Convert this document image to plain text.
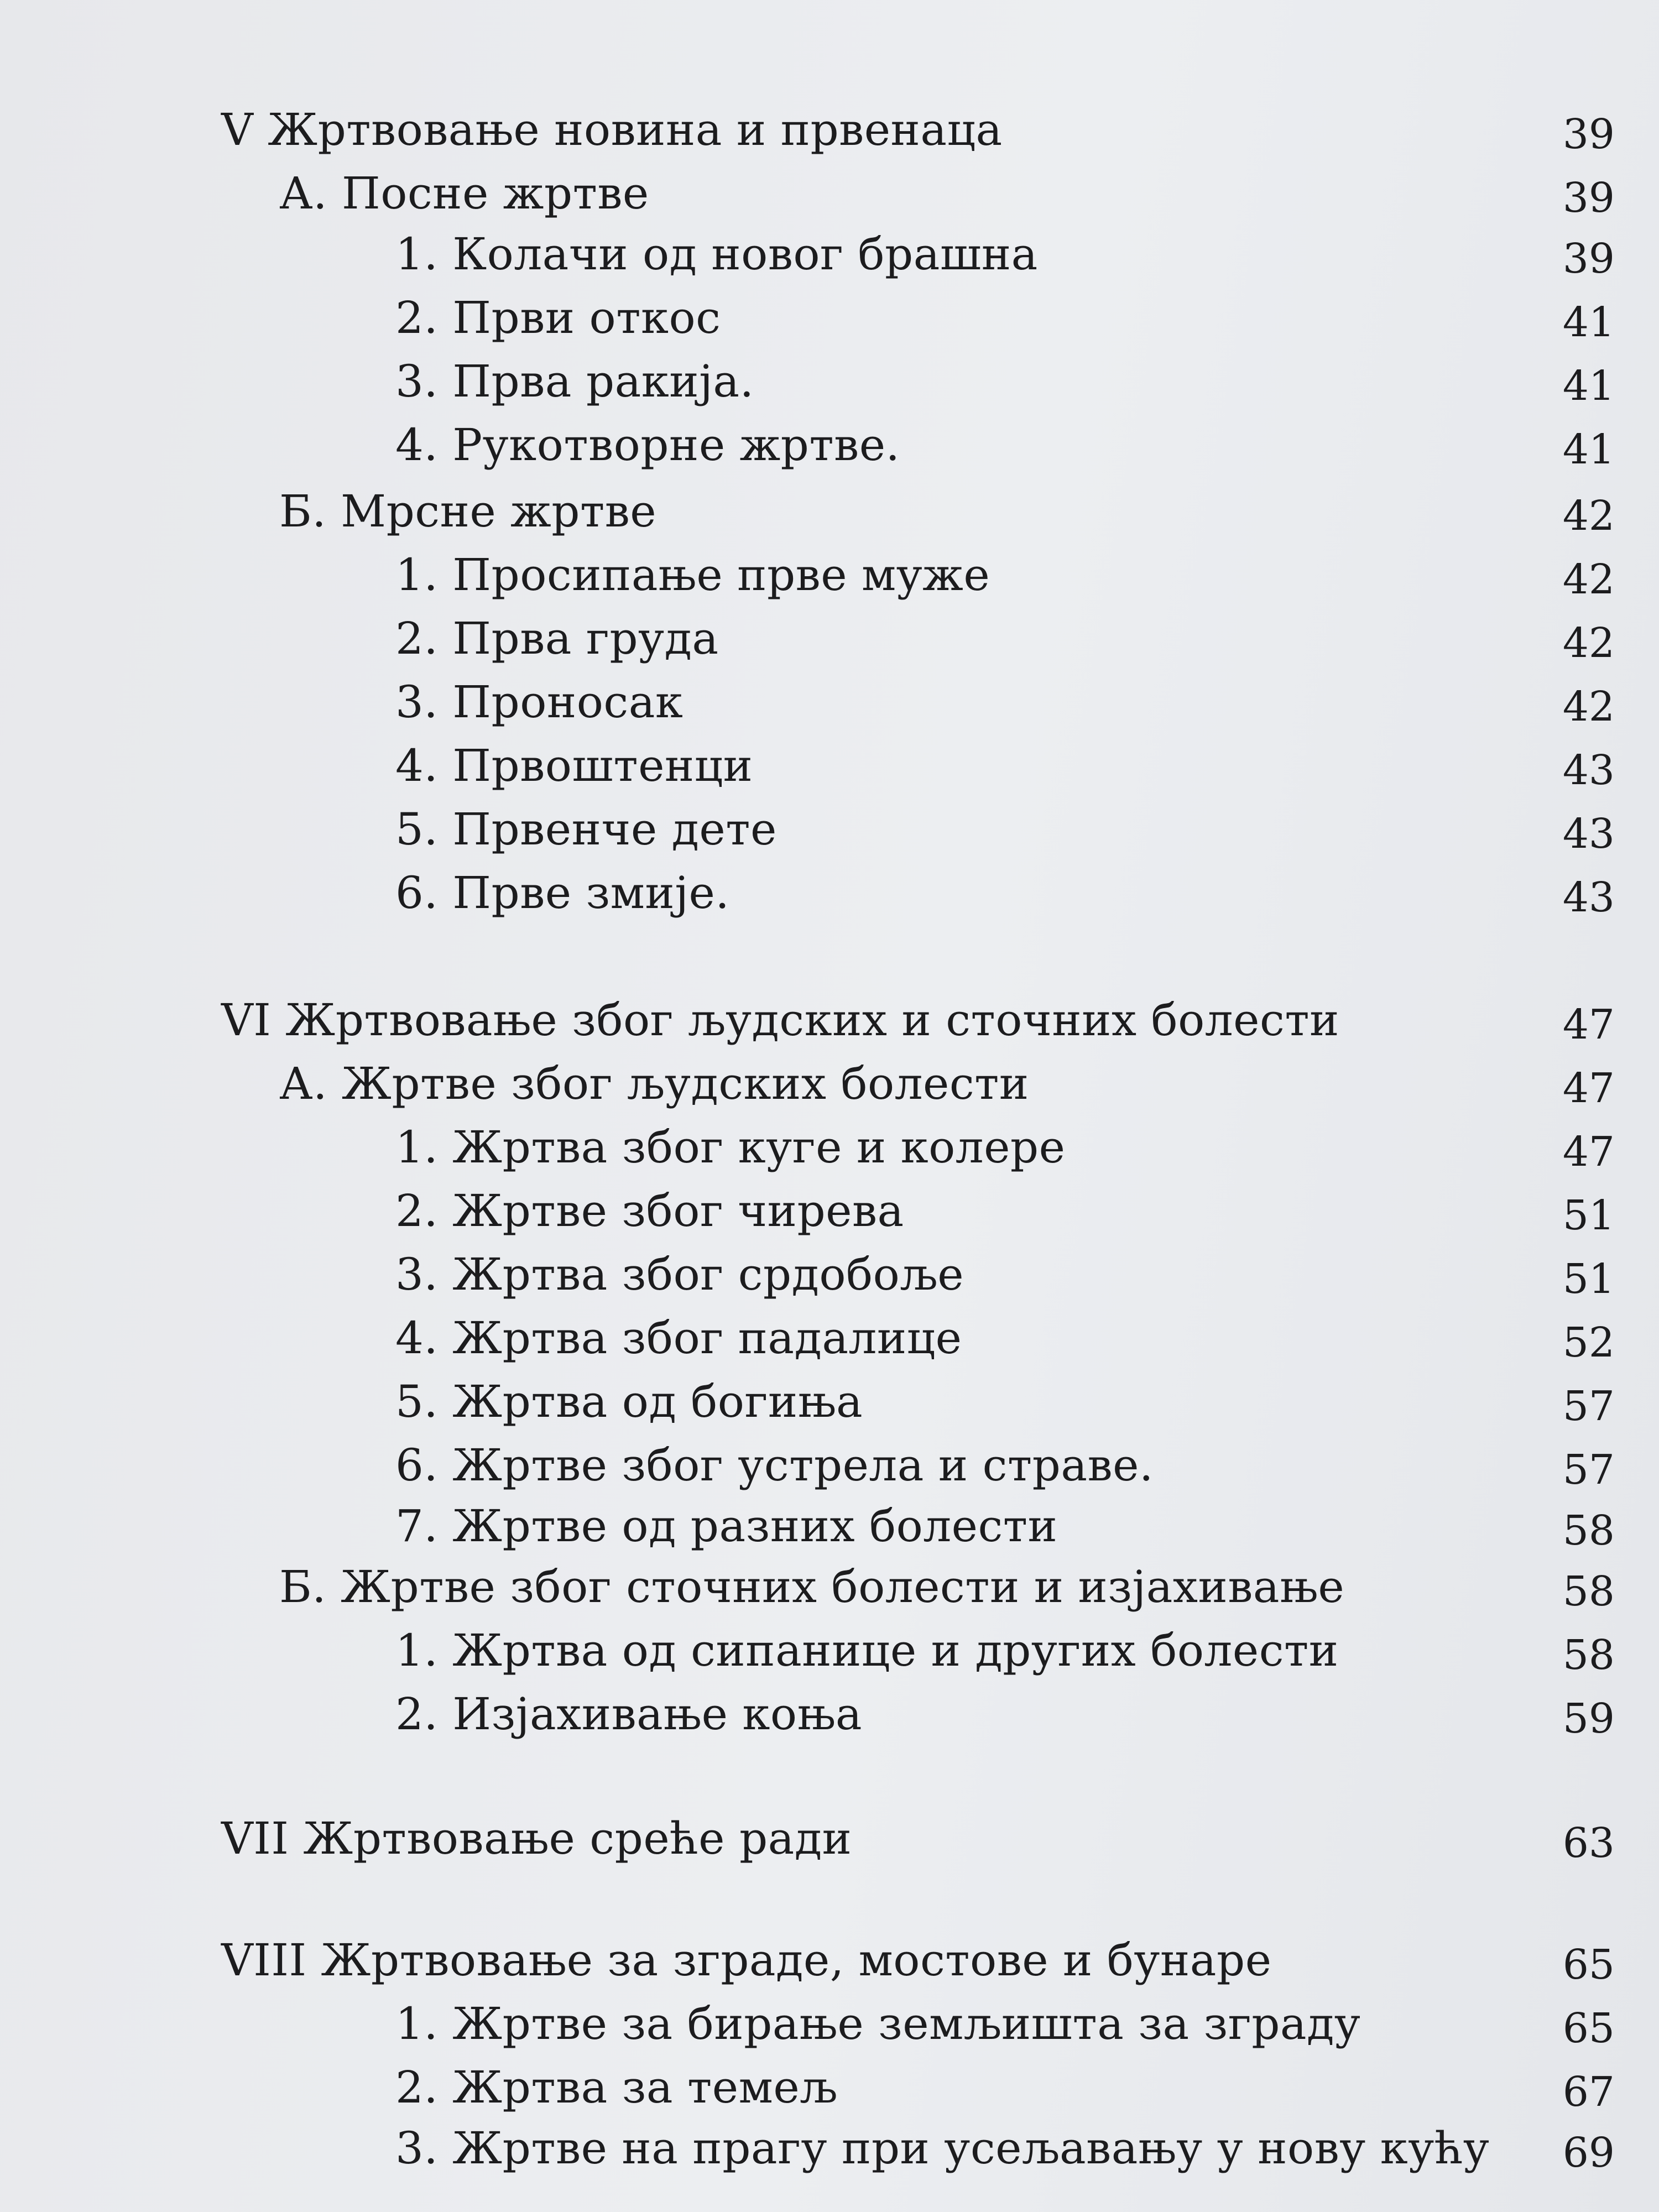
V Жртвовање новина и првенаца	39
А. Посне жртве	39
1. Колачи од новог брашна	39
2. Први откос	41
3. Прва ракија.	41
4. Рукотворне жртве.	41
Б. Мрсне жртве	42
1. Просипање прве муже	42
2. Прва груда	42
3. Проносак	42
4. Првоштенци	43
5. Првенче дете	43
6. Прве змије.	43
VI Жртвовање због људских и сточних болести	47
А. Жртве због људских болести	47
1. Жртва због куге и колере	47
2. Жртве због чирева	51
3. Жртва због срдобоље	51
4. Жртва због падалице	52
5. Жртва од богиња	57
6. Жртве због устрела и страве.	57
7. Жртве од разних болести	58
Б. Жртве због сточних болести и изјахивање	58
1. Жртва од сипанице и других болести	58
2. Изјахивање коња	59
VII Жртвовање среће ради	63
VIII Жртвовање за зграде, мостове и бунаре	65
1. Жртве за бирање земљишта за зграду	65
2. Жртва за темељ	67
3. Жртве на прагу при усељавању у нову кућу	69
